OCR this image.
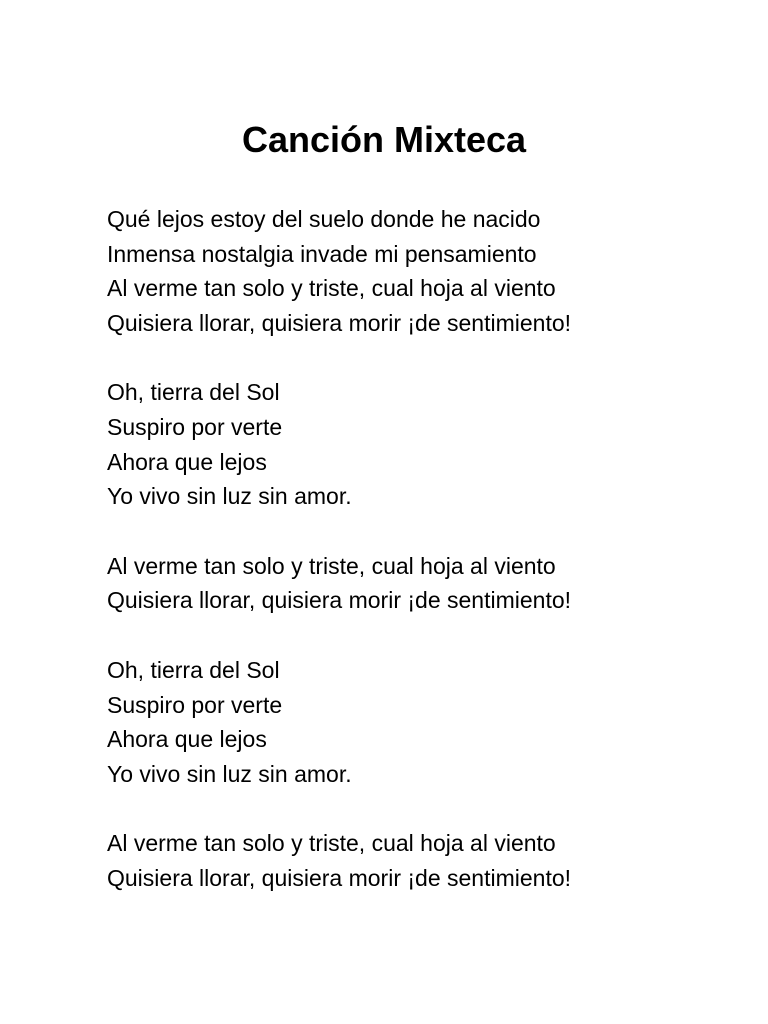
Canción Mixteca
Qué lejos estoy del suelo donde he nacido
Inmensa nostalgia invade mi pensamiento
Al verme tan solo y triste, cual hoja al viento
Quisiera llorar, quisiera morir ¡de sentimiento!
Oh, tierra del Sol
Suspiro por verte
Ahora que lejos
Yo vivo sin luz sin amor.
Al verme tan solo y triste, cual hoja al viento
Quisiera llorar, quisiera morir ¡de sentimiento!
Oh, tierra del Sol
Suspiro por verte
Ahora que lejos
Yo vivo sin luz sin amor.
Al verme tan solo y triste, cual hoja al viento
Quisiera llorar, quisiera morir ¡de sentimiento!
